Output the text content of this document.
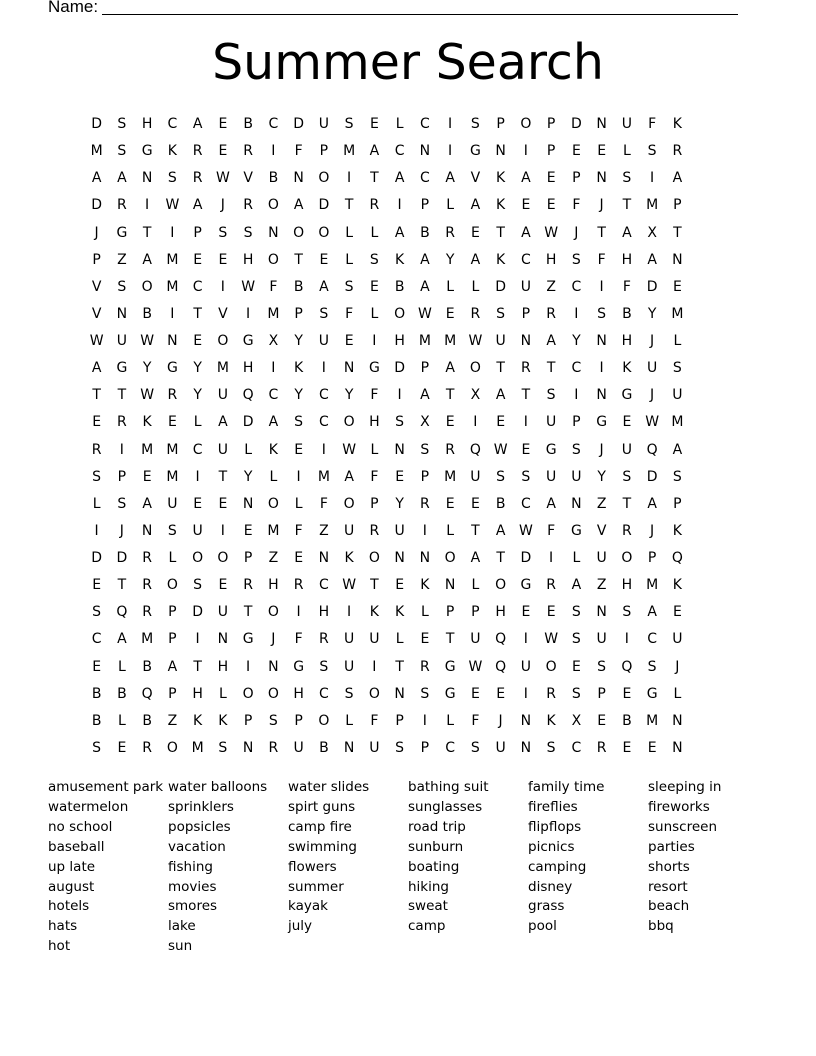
Name:
Summer Search
D	S	H	C	A	E	B	C	D	U	S	E	L	C	I	S	P	O	P	D	N	U	F	K
M	S	G	K	R	E	R	I	F	P	M	A	C	N	I	G	N	I	P	E	E	L	S	R
A	A	N	S	R W V	B	N	O	I	T	A	C	A	V	K	A	E	P	N	S	I	A
D	R	I	W A	J	R	O	A	D	T	R	I	P	L	A	K	E	E	F	J	T	M	P
J	G	T	I	P	S	S	N	O	O	L	L	A	B	R	E	T	A W	J	T	A	X	T
P	Z	A	M	E	E	H	O	T	E	L	S	K	A	Y	A	K	C	H	S	F	H	A	N
V	S	O M	C	I	W	F	B	A	S	E	B	A	L	L	D	U	Z	C	I	F	D	E
V	N	B	I	T	V	I	M	P	S	F	L	O W E	R	S	P	R	I	S	B	Y	M
W U W N	E	O	G	X	Y	U	E	I	H M M W U	N	A	Y	N	H	J	L
A	G	Y	G	Y	M H	I	K	I	N	G	D	P	A	O	T	R	T	C	I	K	U	S
T	T	W R	Y	U	Q	C	Y	C	Y	F	I	A	T	X	A	T	S	I	N	G	J	U
E	R	K	E	L	A	D	A	S	C	O	H	S	X	E	I	E	I	U	P	G	E W M
R	I	M M	C	U	L	K	E	I	W	L	N	S	R	Q W E	G	S	J	U	Q	A
S	P	E	M	I	T	Y	L	I	M	A	F	E	P	M	U	S	S	U	U	Y	S	D	S
L	S	A	U	E	E	N	O	L	F	O	P	Y	R	E	E	B	C	A	N	Z	T	A	P
I	J	N	S	U	I	E	M	F	Z	U	R	U	I	L	T	A W	F	G	V	R	J	K
D	D	R	L	O	O	P	Z	E	N	K	O	N	N	O	A	T	D	I	L	U	O	P	Q
E	T	R	O	S	E	R	H	R	C W	T	E	K	N	L	O	G	R	A	Z	H M	K
S	Q	R	P	D	U	T	O	I	H	I	K	K	L	P	P	H	E	E	S	N	S	A	E
C	A	M	P	I	N	G	J	F	R	U	U	L	E	T	U	Q	I	W S	U	I	C	U
E	L	B	A	T	H	I	N	G	S	U	I	T	R	G W Q	U	O	E	S	Q	S	J
B	B	Q	P	H	L	O	O	H	C	S	O	N	S	G	E	E	I	R	S	P	E	G	L
B	L	B	Z	K	K	P	S	P	O	L	F	P	I	L	F	J	N	K	X	E	B	M N
S	E	R	O M	S	N	R	U	B	N	U	S	P	C	S	U	N	S	C	R	E	E	N
amusement park
watermelon
no school
baseball
up late
august
hotels
hats
hot
water balloons
sprinklers
popsicles
vacation
fishing
movies
smores
lake
sun
water slides
spirt guns
camp fire
swimming
flowers
summer
kayak
july
bathing suit
sunglasses
road trip
sunburn
boating
hiking
sweat
camp
family time
fireflies
flipflops
picnics
camping
disney
grass
pool
sleeping in
fireworks
sunscreen
parties
shorts
resort
beach
bbq
